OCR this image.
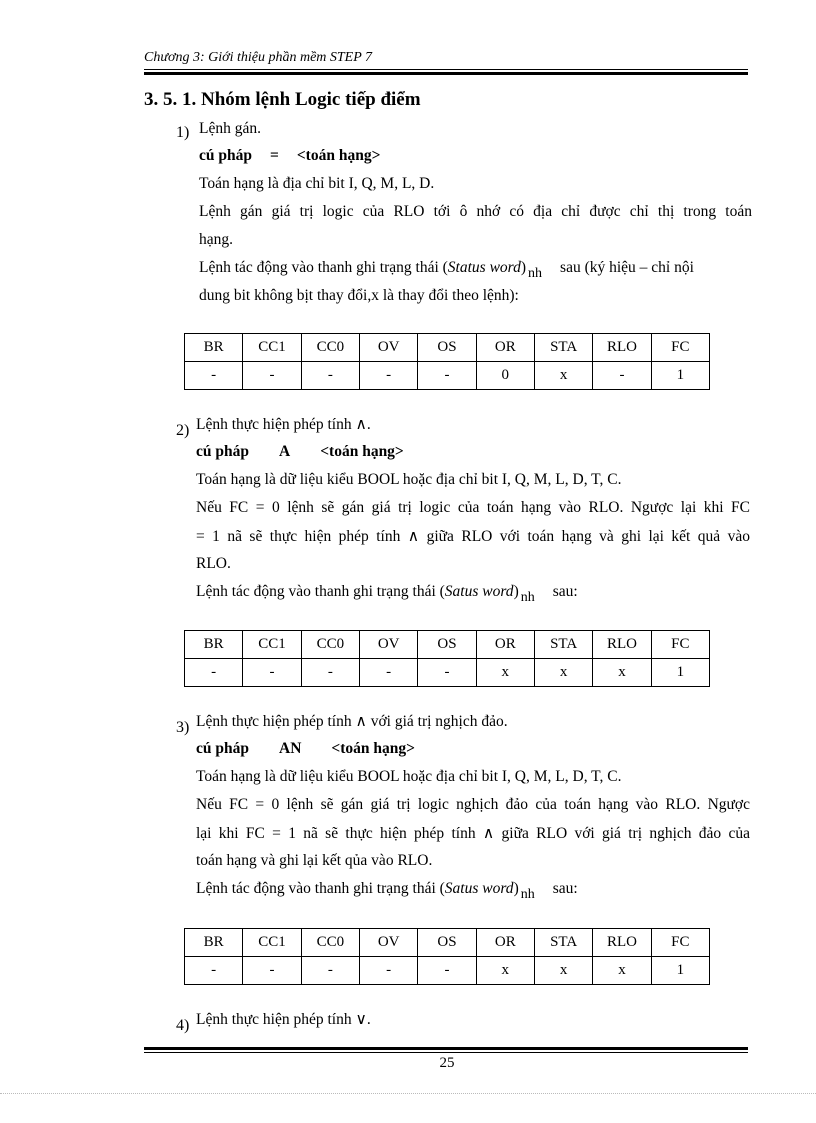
Chương 3: Giới thiệu phần mềm STEP 7
3. 5. 1. Nhóm lệnh Logic tiếp điểm
1) Lệnh gán.
cú pháp = <toán hạng>
Toán hạng là địa chỉ bit I, Q, M, L, D.
Lệnh gán giá trị logic của RLO tới ô nhớ có địa chỉ được chỉ thị trong toán
hạng.
Lệnh tác động vào thanh ghi trạng thái (Status word) nh sau (ký hiệu – chỉ nội
dung bit không bịt thay đổi,x là thay đổi theo lệnh):
BR	CC1	CC0	OV	OS	OR	STA	RLO	FC
-	-	-	-	-	0	x	-	1
2) Lệnh thực hiện phép tính ∧.
cú pháp A <toán hạng>
Toán hạng là dữ liệu kiểu BOOL hoặc địa chỉ bit I, Q, M, L, D, T, C.
Nếu FC = 0 lệnh sẽ gán giá trị logic của toán hạng vào RLO. Ngược lại khi FC
= 1 nã sẽ thực hiện phép tính ∧ giữa RLO với toán hạng và ghi lại kết quả vào
RLO.
Lệnh tác động vào thanh ghi trạng thái (Satus word) nh sau:
BR	CC1	CC0	OV	OS	OR	STA	RLO	FC
-	-	-	-	-	x	x	x	1
3) Lệnh thực hiện phép tính ∧ với giá trị nghịch đảo.
cú pháp AN <toán hạng>
Toán hạng là dữ liệu kiểu BOOL hoặc địa chỉ bit I, Q, M, L, D, T, C.
Nếu FC = 0 lệnh sẽ gán giá trị logic nghịch đảo của toán hạng vào RLO. Ngược
lại khi FC = 1 nã sẽ thực hiện phép tính ∧ giữa RLO với giá trị nghịch đảo của
toán hạng và ghi lại kết qủa vào RLO.
Lệnh tác động vào thanh ghi trạng thái (Satus word) nh sau:
BR	CC1	CC0	OV	OS	OR	STA	RLO	FC
-	-	-	-	-	x	x	x	1
4) Lệnh thực hiện phép tính ∨.
25
